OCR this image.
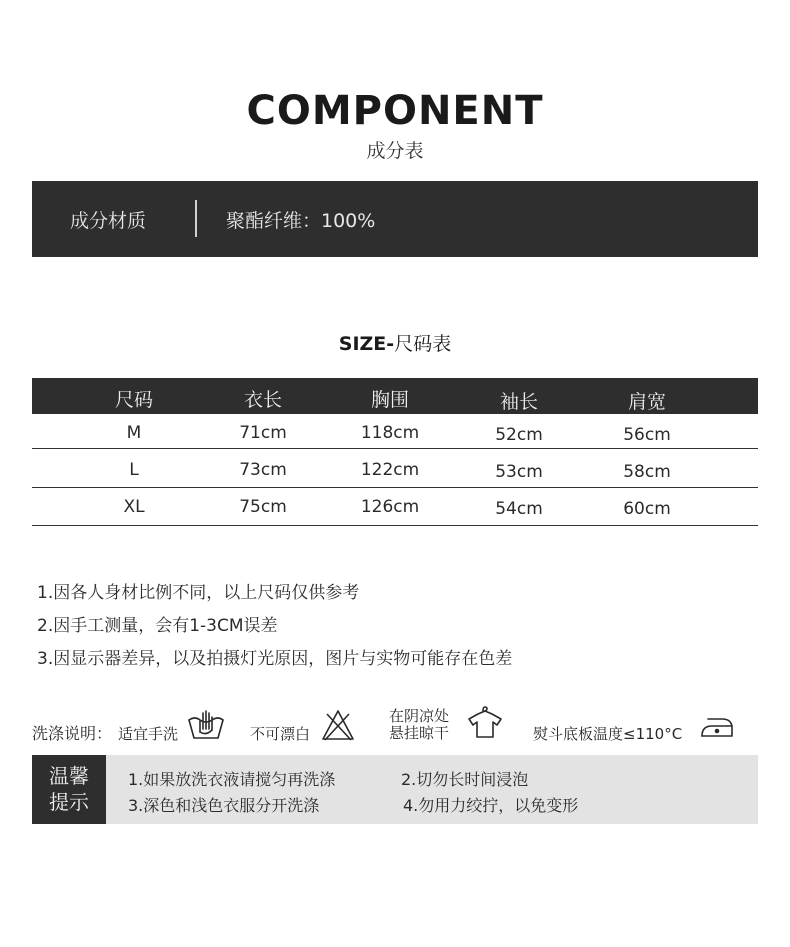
COMPONENT
成分表
成分材质	聚酯纤维：100%
SIZE-尺码表
尺码	衣长	胸围	袖长	肩宽
M	71cm	118cm	52cm	56cm
L	73cm	122cm	53cm	58cm
XL	75cm	126cm	54cm	60cm
1.因各人身材比例不同，以上尺码仅供参考
2.因手工测量，会有1-3CM误差
3.因显示器差异，以及拍摄灯光原因，图片与实物可能存在色差
洗涤说明： 适宜手洗	不可漂白
在阴凉处
悬挂晾干	熨斗底板温度≤110°C
温馨
提示
1.如果放洗衣液请搅匀再洗涤	2.切勿长时间浸泡
3.深色和浅色衣服分开洗涤	4.勿用力绞拧，以免变形
